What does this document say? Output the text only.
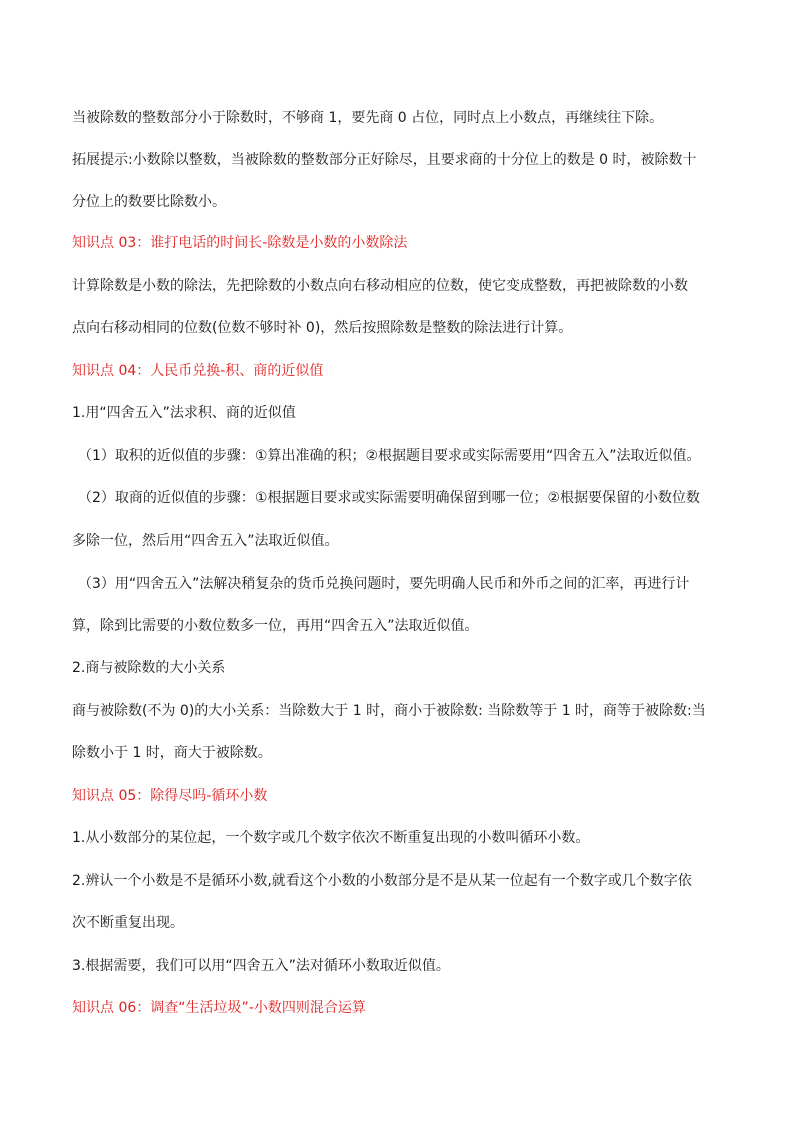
当被除数的整数部分小于除数时，不够商 1，要先商 0 占位，同时点上小数点，再继续往下除。
拓展提示:小数除以整数，当被除数的整数部分正好除尽，且要求商的十分位上的数是 0 时，被除数十
分位上的数要比除数小。
知识点 03：谁打电话的时间长-除数是小数的小数除法
计算除数是小数的除法，先把除数的小数点向右移动相应的位数，使它变成整数，再把被除数的小数
点向右移动相同的位数(位数不够时补 0)，然后按照除数是整数的除法进行计算。
知识点 04：人民币兑换-积、商的近似值
1.用“四舍五入”法求积、商的近似值
（1）取积的近似值的步骤：①算出准确的积；②根据题目要求或实际需要用“四舍五入”法取近似值。
（2）取商的近似值的步骤：①根据题目要求或实际需要明确保留到哪一位；②根据要保留的小数位数
多除一位，然后用“四舍五入”法取近似值。
（3）用“四舍五入”法解决稍复杂的货币兑换问题时，要先明确人民币和外币之间的汇率，再进行计
算，除到比需要的小数位数多一位，再用“四舍五入”法取近似值。
2.商与被除数的大小关系
商与被除数(不为 0)的大小关系：当除数大于 1 时，商小于被除数: 当除数等于 1 时，商等于被除数:当
除数小于 1 时，商大于被除数。
知识点 05：除得尽吗-循环小数
1.从小数部分的某位起，一个数字或几个数字依次不断重复出现的小数叫循环小数。
2.辨认一个小数是不是循环小数,就看这个小数的小数部分是不是从某一位起有一个数字或几个数字依
次不断重复出现。
3.根据需要，我们可以用“四舍五入”法对循环小数取近似值。
知识点 06：调查“生活垃圾”-小数四则混合运算
